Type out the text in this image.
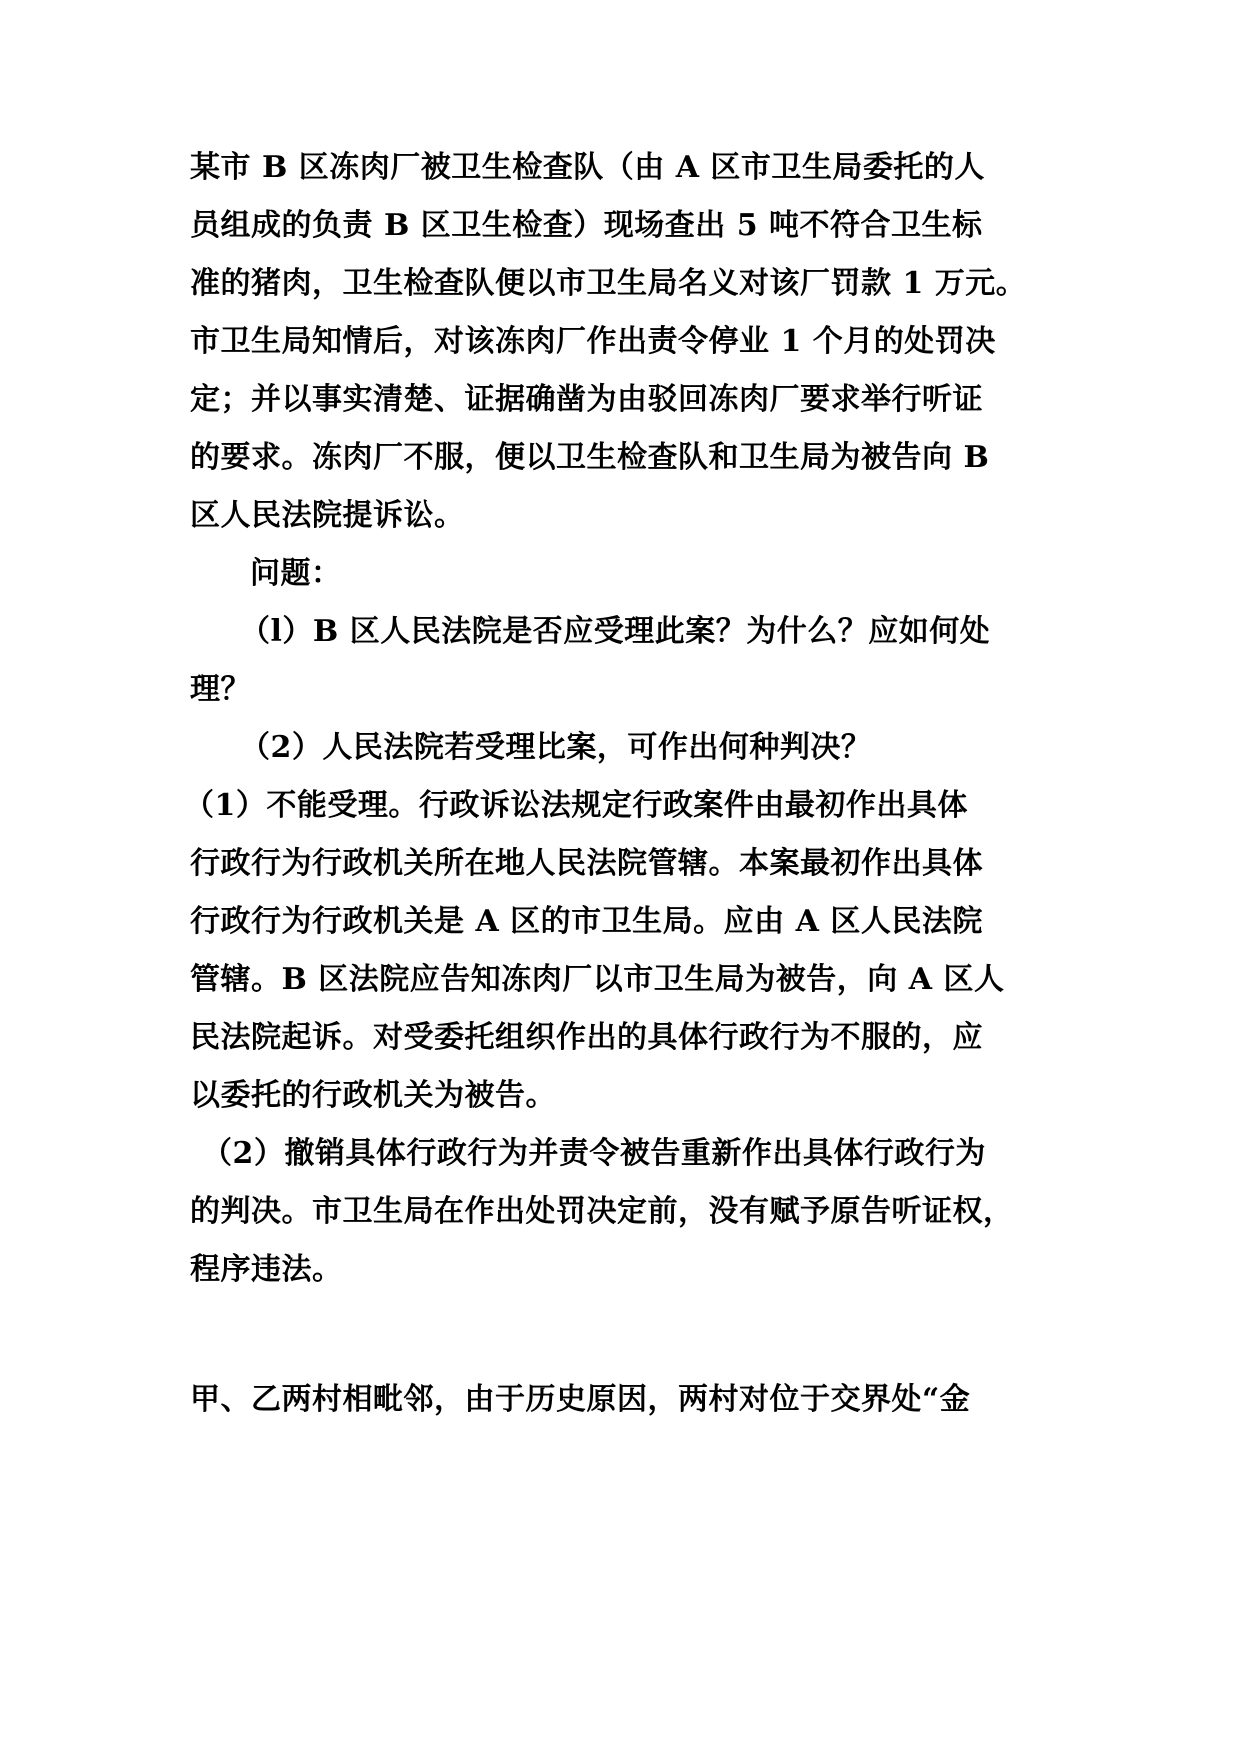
某市 B 区冻肉厂被卫生检查队（由 A 区市卫生局委托的人
员组成的负责 B 区卫生检查）现场查出 5 吨不符合卫生标
准的猪肉，卫生检查队便以市卫生局名义对该厂罚款 1 万元。
市卫生局知情后，对该冻肉厂作出责令停业 1 个月的处罚决
定；并以事实清楚、证据确凿为由驳回冻肉厂要求举行听证
的要求。冻肉厂不服，便以卫生检查队和卫生局为被告向 B
区人民法院提诉讼。
问题：
（l）B 区人民法院是否应受理此案？为什么？应如何处
理？
（2）人民法院若受理比案，可作出何种判决？
（1）不能受理。行政诉讼法规定行政案件由最初作出具体
行政行为行政机关所在地人民法院管辖。本案最初作出具体
行政行为行政机关是 A 区的市卫生局。应由 A 区人民法院
管辖。B 区法院应告知冻肉厂以市卫生局为被告，向 A 区人
民法院起诉。对受委托组织作出的具体行政行为不服的，应
以委托的行政机关为被告。
（2）撤销具体行政行为并责令被告重新作出具体行政行为
的判决。市卫生局在作出处罚决定前，没有赋予原告听证权，
程序违法。
甲、乙两村相毗邻，由于历史原因，两村对位于交界处“金
